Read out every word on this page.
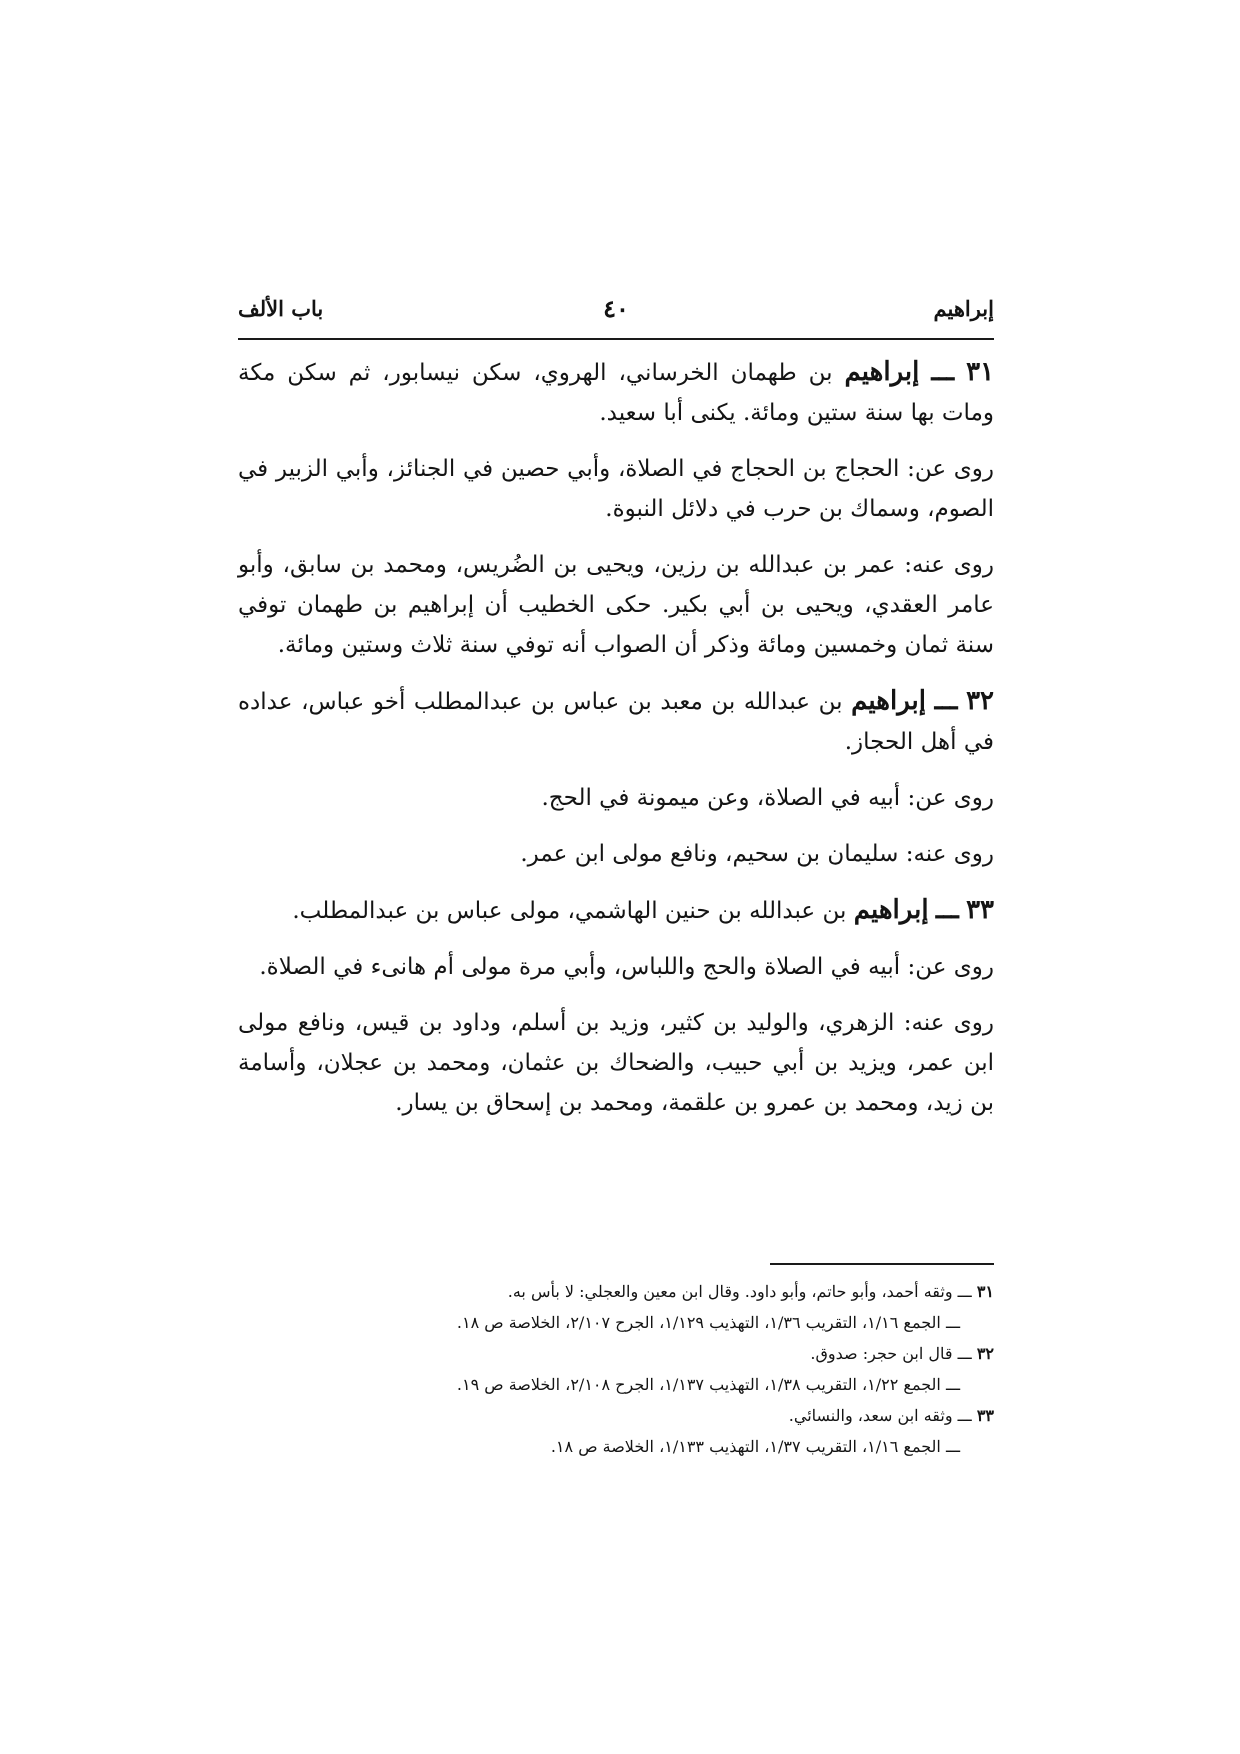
إبراهيم
٤٠
باب الألف

٣١ ـــ إبراهيم بن طهمان الخرساني، الهروي، سكن نيسابور، ثم سكن مكة ومات بها سنة ستين ومائة. يكنى أبا سعيد.

روى عن: الحجاج بن الحجاج في الصلاة، وأبي حصين في الجنائز، وأبي الزبير في الصوم، وسماك بن حرب في دلائل النبوة.

روى عنه: عمر بن عبدالله بن رزين، ويحيى بن الضُريس، ومحمد بن سابق، وأبو عامر العقدي، ويحيى بن أبي بكير. حكى الخطيب أن إبراهيم بن طهمان توفي سنة ثمان وخمسين ومائة وذكر أن الصواب أنه توفي سنة ثلاث وستين ومائة.

٣٢ ـــ إبراهيم بن عبدالله بن معبد بن عباس بن عبدالمطلب أخو عباس، عداده في أهل الحجاز.

روى عن: أبيه في الصلاة، وعن ميمونة في الحج.

روى عنه: سليمان بن سحيم، ونافع مولى ابن عمر.

٣٣ ـــ إبراهيم بن عبدالله بن حنين الهاشمي، مولى عباس بن عبدالمطلب.

روى عن: أبيه في الصلاة والحج واللباس، وأبي مرة مولى أم هانىء في الصلاة.

روى عنه: الزهري، والوليد بن كثير، وزيد بن أسلم، وداود بن قيس، ونافع مولى ابن عمر، ويزيد بن أبي حبيب، والضحاك بن عثمان، ومحمد بن عجلان، وأسامة بن زيد، ومحمد بن عمرو بن علقمة، ومحمد بن إسحاق بن يسار.

٣١ ـــ وثقه أحمد، وأبو حاتم، وأبو داود. وقال ابن معين والعجلي: لا بأس به.

ـــ الجمع ١/١٦، التقريب ١/٣٦، التهذيب ١/١٢٩، الجرح ٢/١٠٧، الخلاصة ص ١٨.

٣٢ ـــ قال ابن حجر: صدوق.

ـــ الجمع ١/٢٢، التقريب ١/٣٨، التهذيب ١/١٣٧، الجرح ٢/١٠٨، الخلاصة ص ١٩.

٣٣ ـــ وثقه ابن سعد، والنسائي.

ـــ الجمع ١/١٦، التقريب ١/٣٧، التهذيب ١/١٣٣، الخلاصة ص ١٨.
